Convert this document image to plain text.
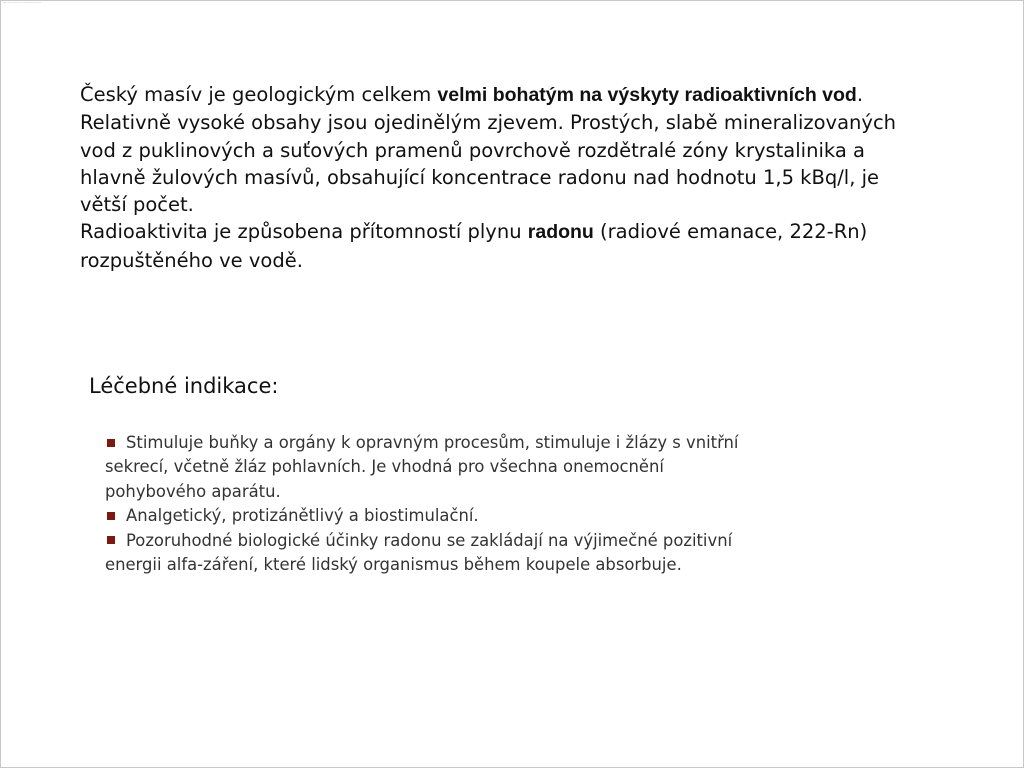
Cz::::: :::: :::: ::::::::: :::::::: ::: ::::: ::::::::::::::::: ::::::::: ::::

Český masív je geologickým celkem velmi bohatým na výskyty radioaktivních vod. Relativně vysoké obsahy jsou ojedinělým zjevem. Prostých, slabě mineralizovaných vod z puklinových a suťových pramenů povrchově rozdětralé zóny krystalinika a hlavně žulových masívů, obsahující koncentrace radonu nad hodnotu 1,5 kBq/l, je větší počet.

Radioaktivita je způsobena přítomností plynu radonu (radiové emanace, 222-Rn) rozpuštěného ve vodě.

Léčebné indikace:

Stimuluje buňky a orgány k opravným procesům, stimuluje i žlázy s vnitřní sekrecí, včetně žláz pohlavních. Je vhodná pro všechna onemocnění pohybového aparátu.

Analgetický, protizánětlivý a biostimulační.

Pozoruhodné biologické účinky radonu se zakládají na výjimečné pozitivní energii alfa-záření, které lidský organismus během koupele absorbuje.
